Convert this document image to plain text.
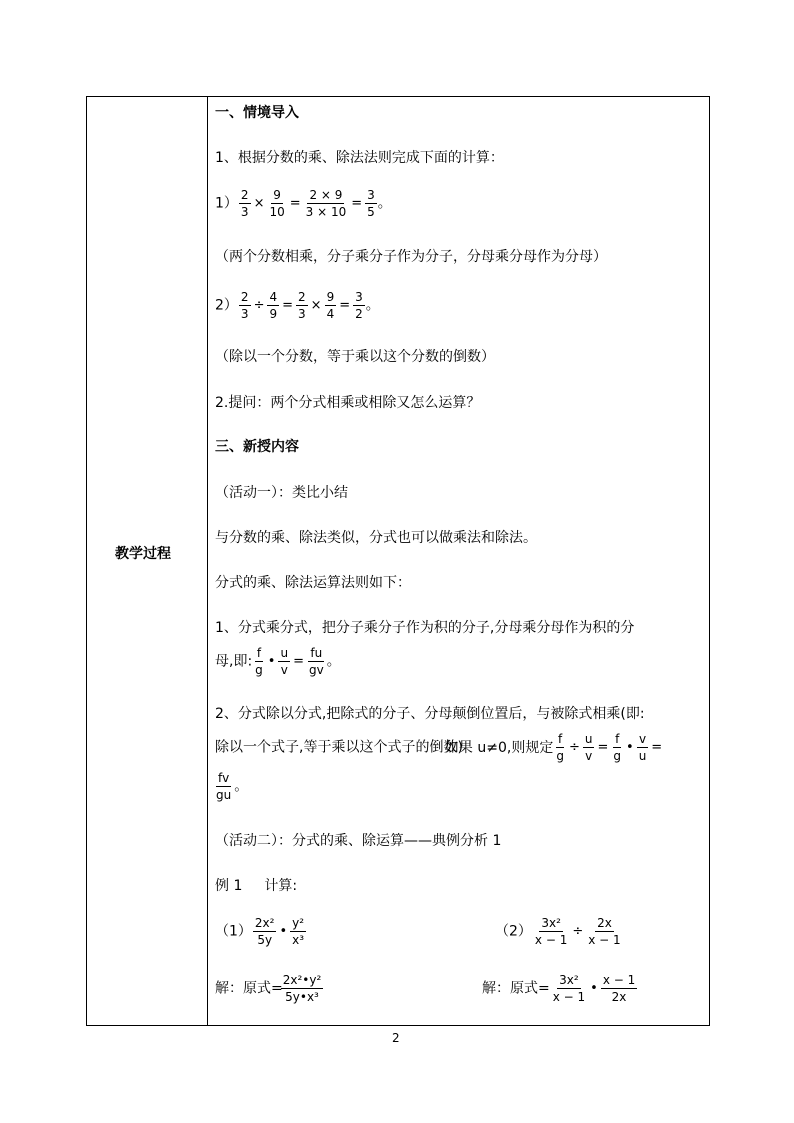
教学过程
一、情境导入
1、根据分数的乘、除法法则完成下面的计算：
$1) \frac{2}{3} \times \frac{9}{10} = \frac{2 \times 9}{3 \times 10} = \frac{3}{5}$ 。
（两个分数相乘，分子乘分子作为分子，分母乘分母作为分母）
$2) \frac{2}{3} \div \frac{4}{9} = \frac{2}{3} \times \frac{9}{4} = \frac{3}{2}$ 。
（除以一个分数，等于乘以这个分数的倒数）
2.提问：两个分式相乘或相除又怎么运算？
三、新授内容
（活动一）：类比小结
与分数的乘、除法类似，分式也可以做乘法和除法。
分式的乘、除法运算法则如下：
1、分式乘分式，把分子乘分子作为积的分子,分母乘分母作为积的分
母,即: $\frac{f}{g}$ • $\frac{u}{v} = \frac{fu}{gv}$ 。
2、分式除以分式,把除式的分子、分母颠倒位置后，与被除式相乘(即:
除以一个式子,等于乘以这个式子的倒数)如果 u≠0,则规定 $\frac{f}{g} \div \frac{u}{v} = \frac{f}{g}$ • $\frac{v}{u}$ =
$\frac{fv}{gu}$ 。
（活动二）：分式的乘、除运算——典例分析 1
例 1 计算:
$(1) \frac{\text{2x²}}{5y}$ • $\frac{\text{y²}}{\text{x³}}$	$(2) \frac{\text{3x²}}{x - 1} \div \frac{2x}{x - 1}$
解：原式=
$\frac{\text{2x²•y²}}{\text{5y•x³}}$	解：原式= $\frac{\text{3x²}}{x - 1}$ • $\frac{x - 1}{2x}$
2
